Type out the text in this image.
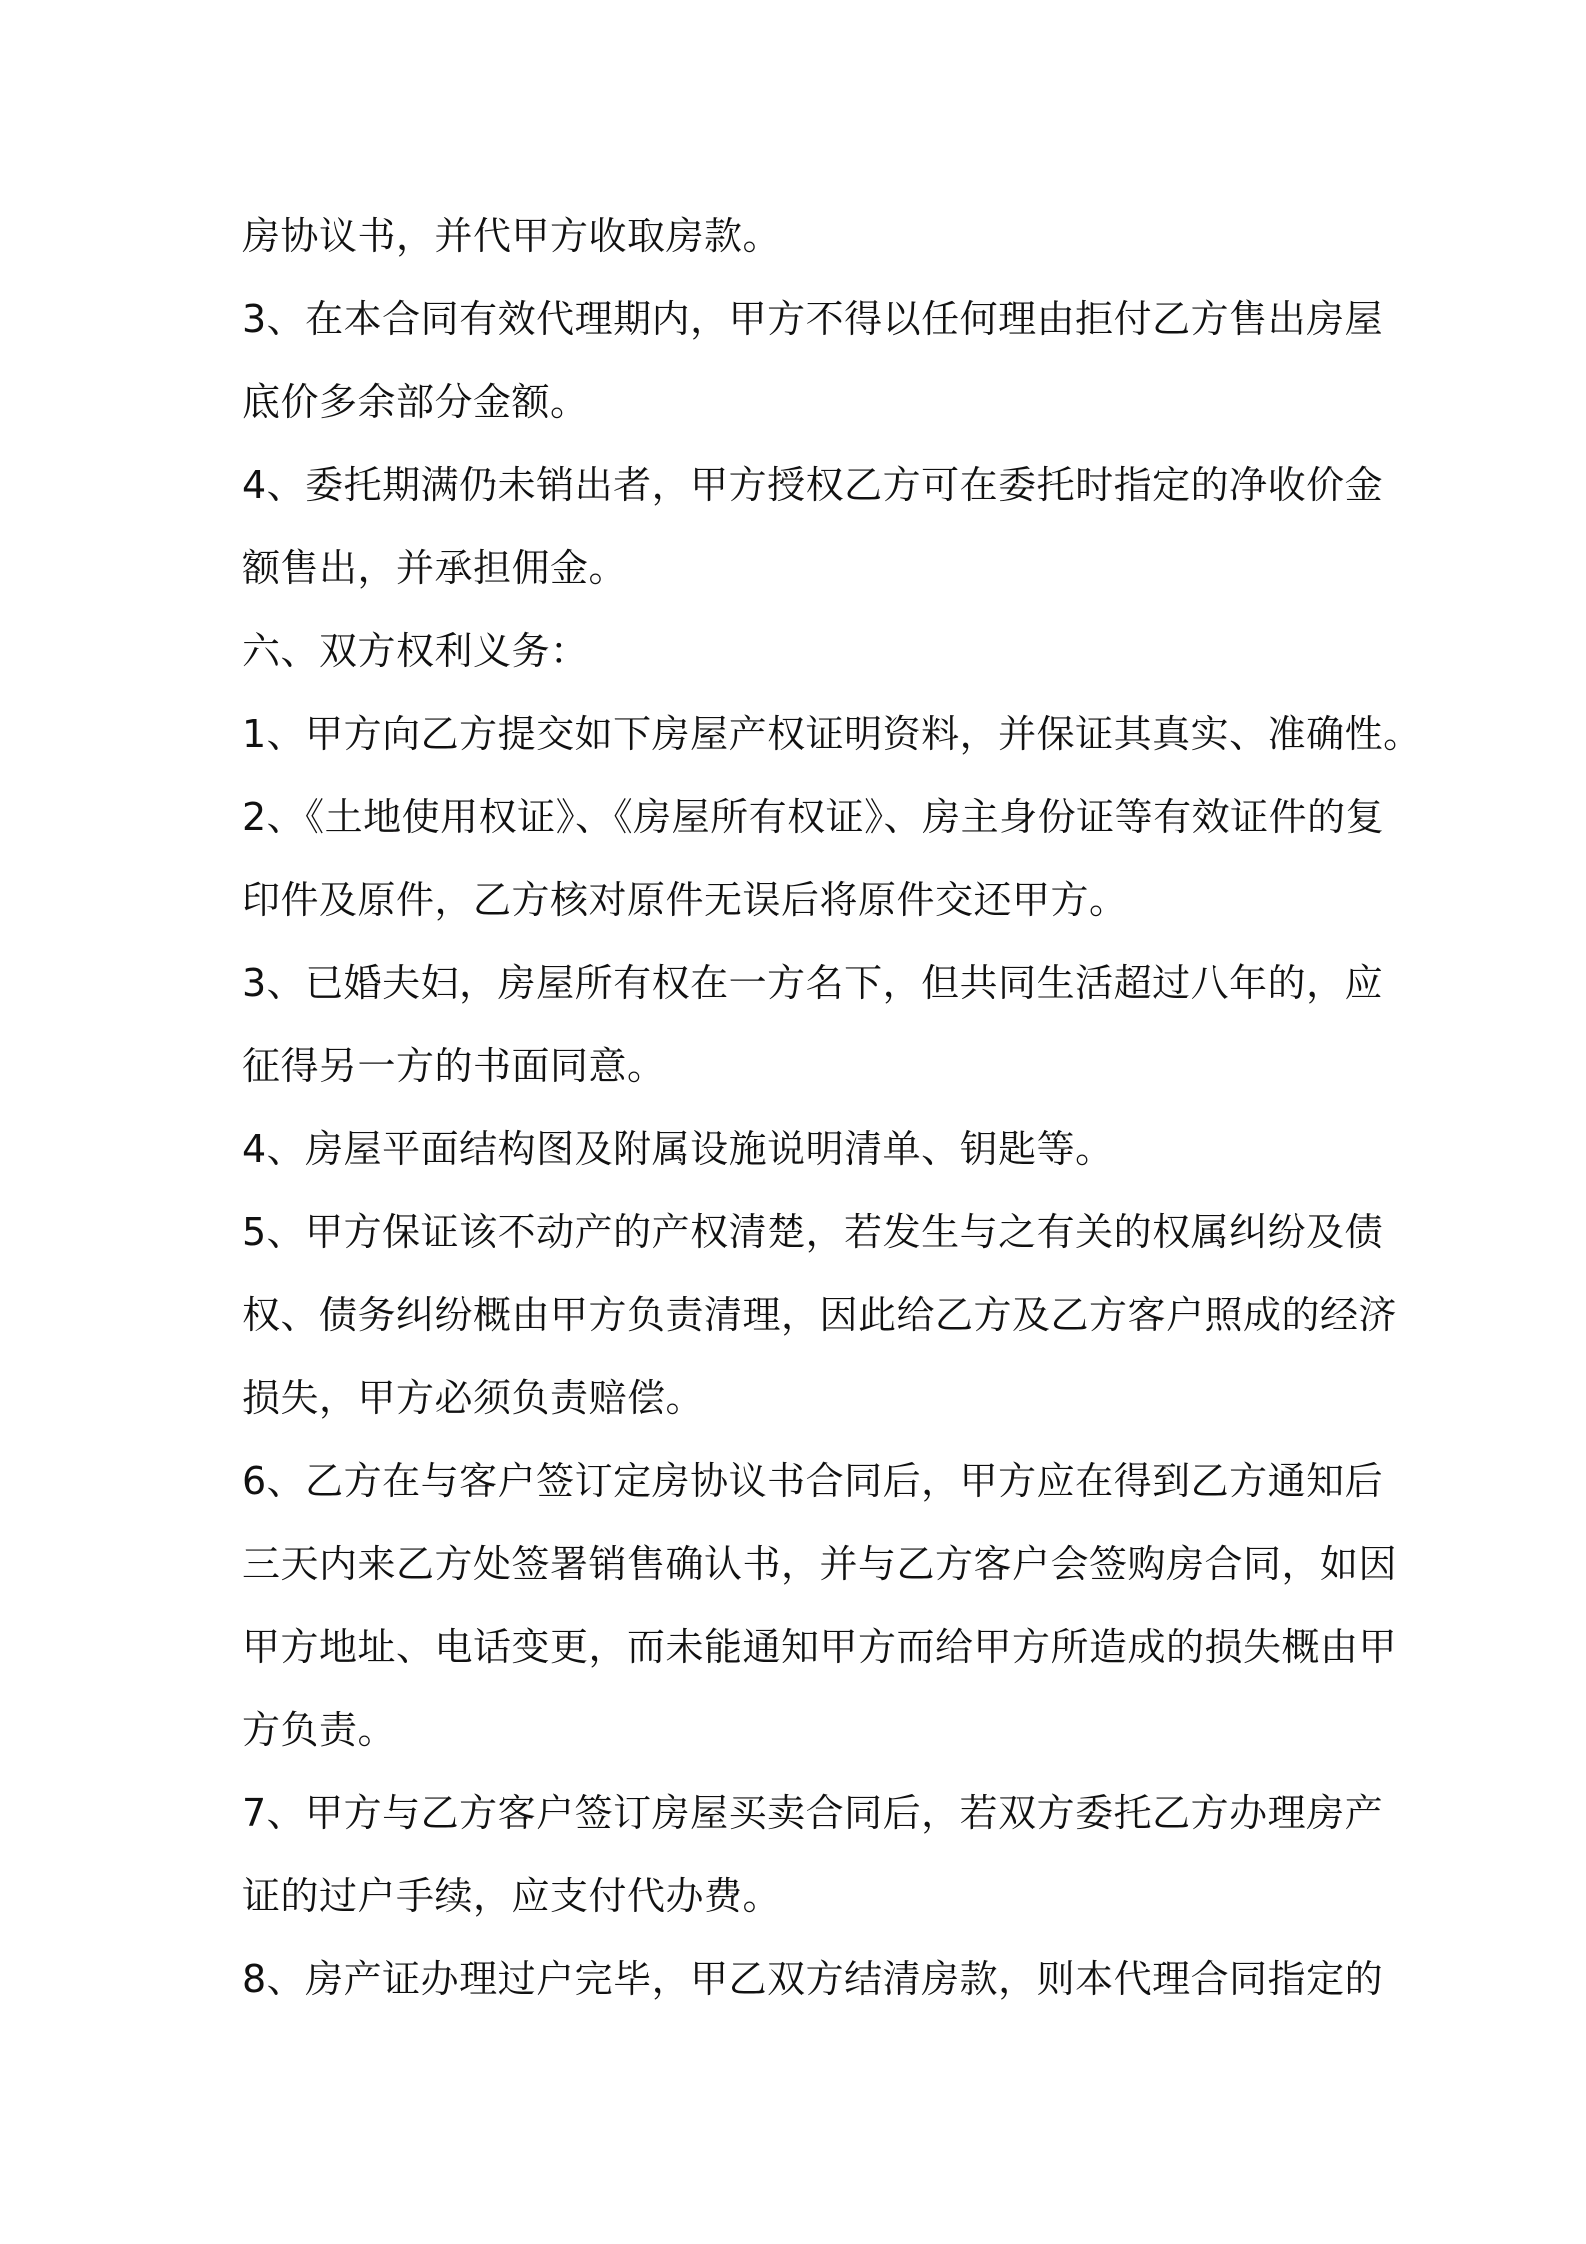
房协议书，并代甲方收取房款。
3、在本合同有效代理期内，甲方不得以任何理由拒付乙方售出房屋
底价多余部分金额。
4、委托期满仍未销出者，甲方授权乙方可在委托时指定的净收价金
额售出，并承担佣金。
六、双方权利义务：
1、甲方向乙方提交如下房屋产权证明资料，并保证其真实、准确性。
2、《土地使用权证》、《房屋所有权证》、房主身份证等有效证件的复
印件及原件，乙方核对原件无误后将原件交还甲方。
3、已婚夫妇，房屋所有权在一方名下，但共同生活超过八年的，应
征得另一方的书面同意。
4、房屋平面结构图及附属设施说明清单、钥匙等。
5、甲方保证该不动产的产权清楚，若发生与之有关的权属纠纷及债
权、债务纠纷概由甲方负责清理，因此给乙方及乙方客户照成的经济
损失，甲方必须负责赔偿。
6、乙方在与客户签订定房协议书合同后，甲方应在得到乙方通知后
三天内来乙方处签署销售确认书，并与乙方客户会签购房合同，如因
甲方地址、电话变更，而未能通知甲方而给甲方所造成的损失概由甲
方负责。
7、甲方与乙方客户签订房屋买卖合同后，若双方委托乙方办理房产
证的过户手续，应支付代办费。
8、房产证办理过户完毕，甲乙双方结清房款，则本代理合同指定的
